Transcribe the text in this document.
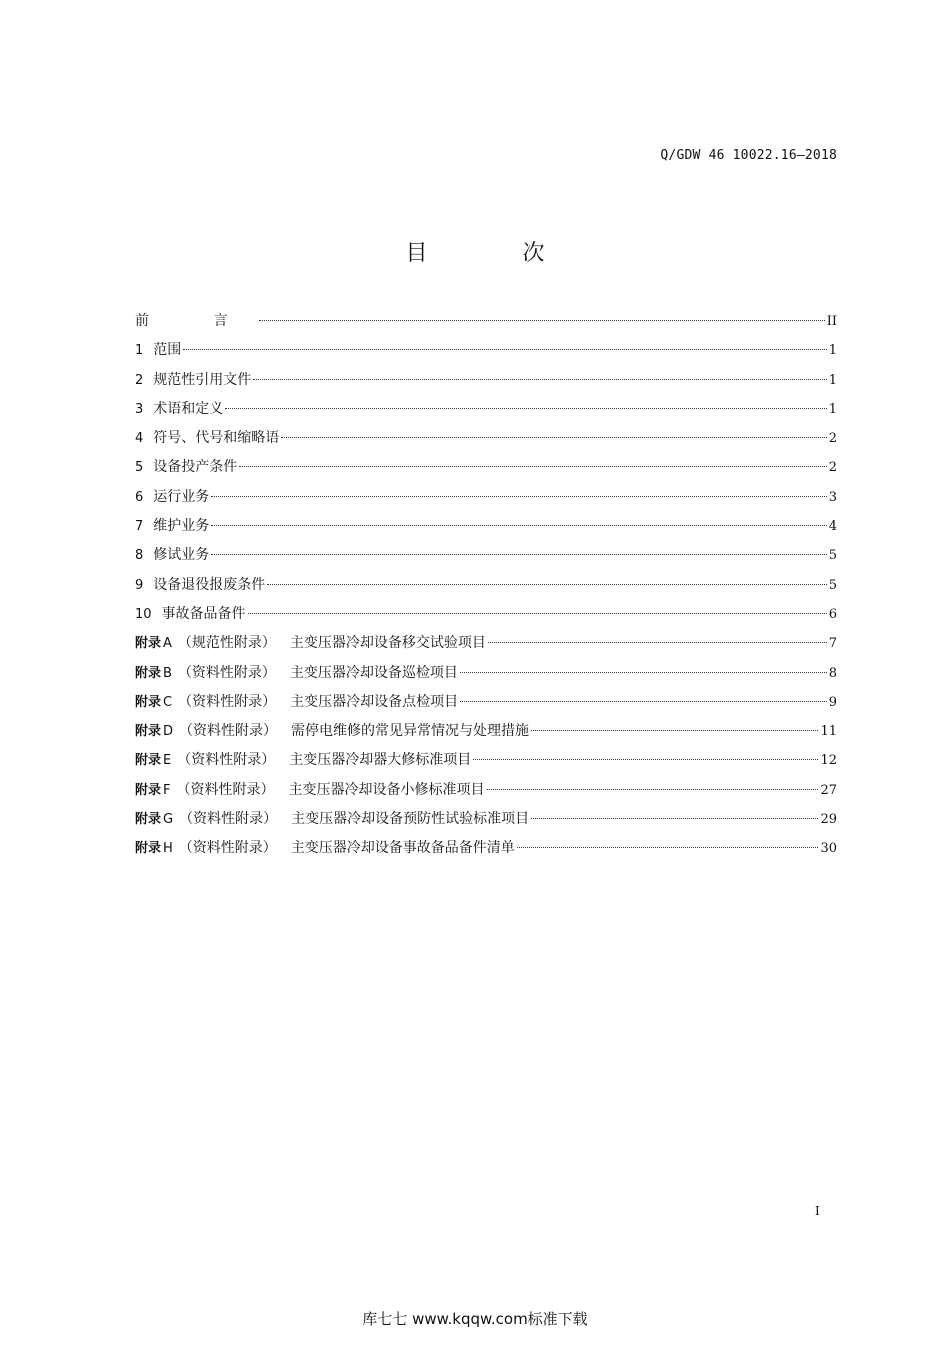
Q/GDW 46 10022.16—2018
目 次
前 言	II
1 范围	1
2 规范性引用文件	1
3 术语和定义	1
4 符号、代号和缩略语	2
5 设备投产条件	2
6 运行业务	3
7 维护业务	4
8 修试业务	5
9 设备退役报废条件	5
10 事故备品备件	6
附录 A （规范性附录）	主变压器冷却设备移交试验项目	7
附录 B （资料性附录）	主变压器冷却设备巡检项目	8
附录 C （资料性附录）	主变压器冷却设备点检项目	9
附录 D （资料性附录）	需停电维修的常见异常情况与处理措施	11
附录 E （资料性附录）	主变压器冷却器大修标准项目	12
附录 F （资料性附录）	主变压器冷却设备小修标准项目	27
附录 G （资料性附录）	主变压器冷却设备预防性试验标准项目	29
附录 H （资料性附录）	主变压器冷却设备事故备品备件清单	30
I
库七七 www.kqqw.com标准下载
